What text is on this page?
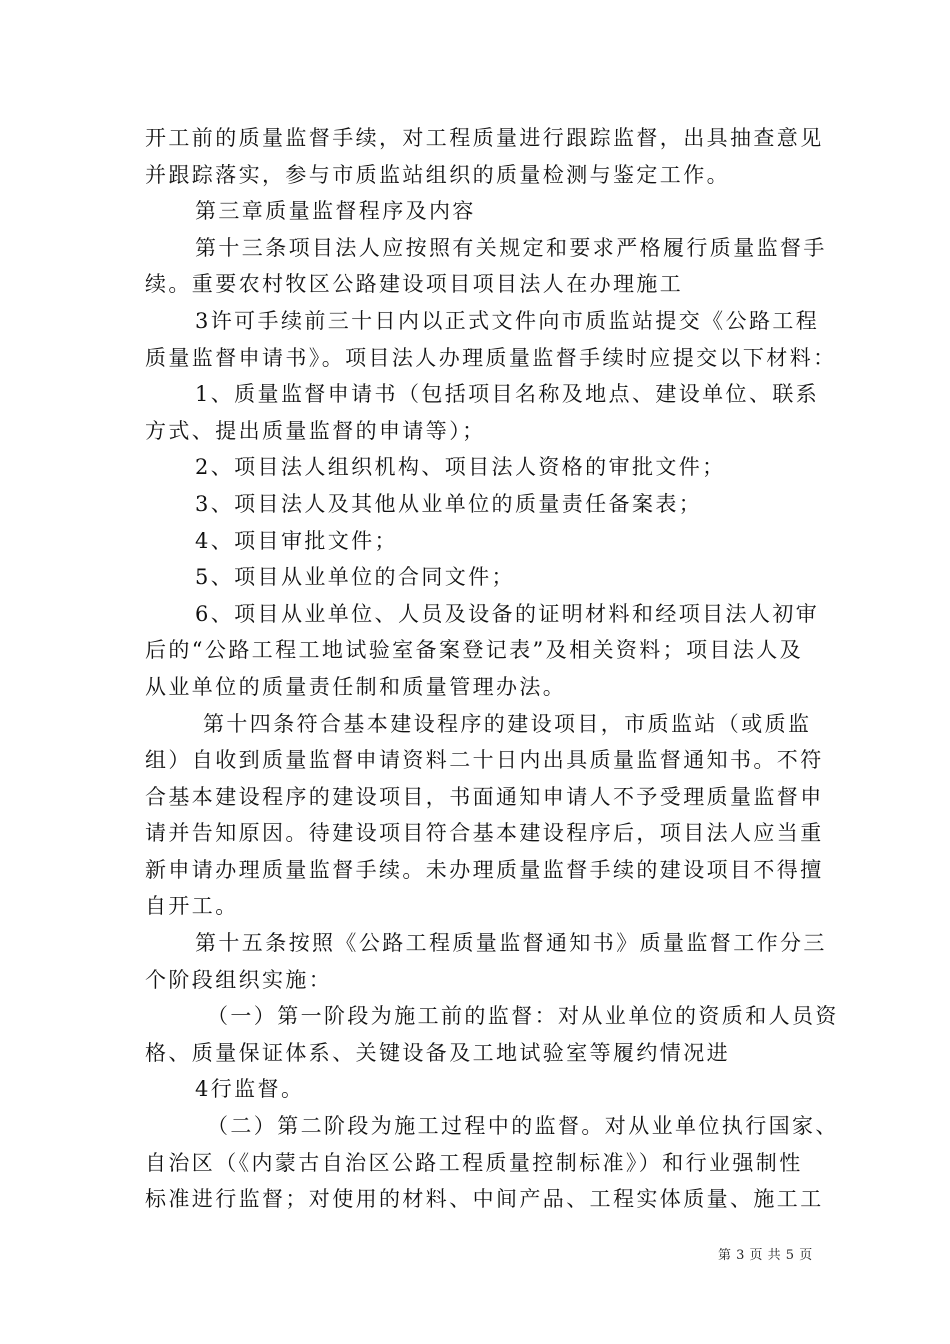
开工前的质量监督手续，对工程质量进行跟踪监督，出具抽查意见
并跟踪落实，参与市质监站组织的质量检测与鉴定工作。
第三章质量监督程序及内容
第十三条项目法人应按照有关规定和要求严格履行质量监督手
续。重要农村牧区公路建设项目项目法人在办理施工
3许可手续前三十日内以正式文件向市质监站提交《公路工程
质量监督申请书》。项目法人办理质量监督手续时应提交以下材料：
1、质量监督申请书（包括项目名称及地点、建设单位、联系
方式、提出质量监督的申请等）；
2、项目法人组织机构、项目法人资格的审批文件；
3、项目法人及其他从业单位的质量责任备案表；
4、项目审批文件；
5、项目从业单位的合同文件；
6、项目从业单位、人员及设备的证明材料和经项目法人初审
后的“公路工程工地试验室备案登记表”及相关资料；项目法人及
从业单位的质量责任制和质量管理办法。
第十四条符合基本建设程序的建设项目，市质监站（或质监
组）自收到质量监督申请资料二十日内出具质量监督通知书。不符
合基本建设程序的建设项目，书面通知申请人不予受理质量监督申
请并告知原因。待建设项目符合基本建设程序后，项目法人应当重
新申请办理质量监督手续。未办理质量监督手续的建设项目不得擅
自开工。
第十五条按照《公路工程质量监督通知书》质量监督工作分三
个阶段组织实施：
（一）第一阶段为施工前的监督：对从业单位的资质和人员资
格、质量保证体系、关键设备及工地试验室等履约情况进
4行监督。
（二）第二阶段为施工过程中的监督。对从业单位执行国家、
自治区（《内蒙古自治区公路工程质量控制标准》）和行业强制性
标准进行监督；对使用的材料、中间产品、工程实体质量、施工工
第 3 页 共 5 页
